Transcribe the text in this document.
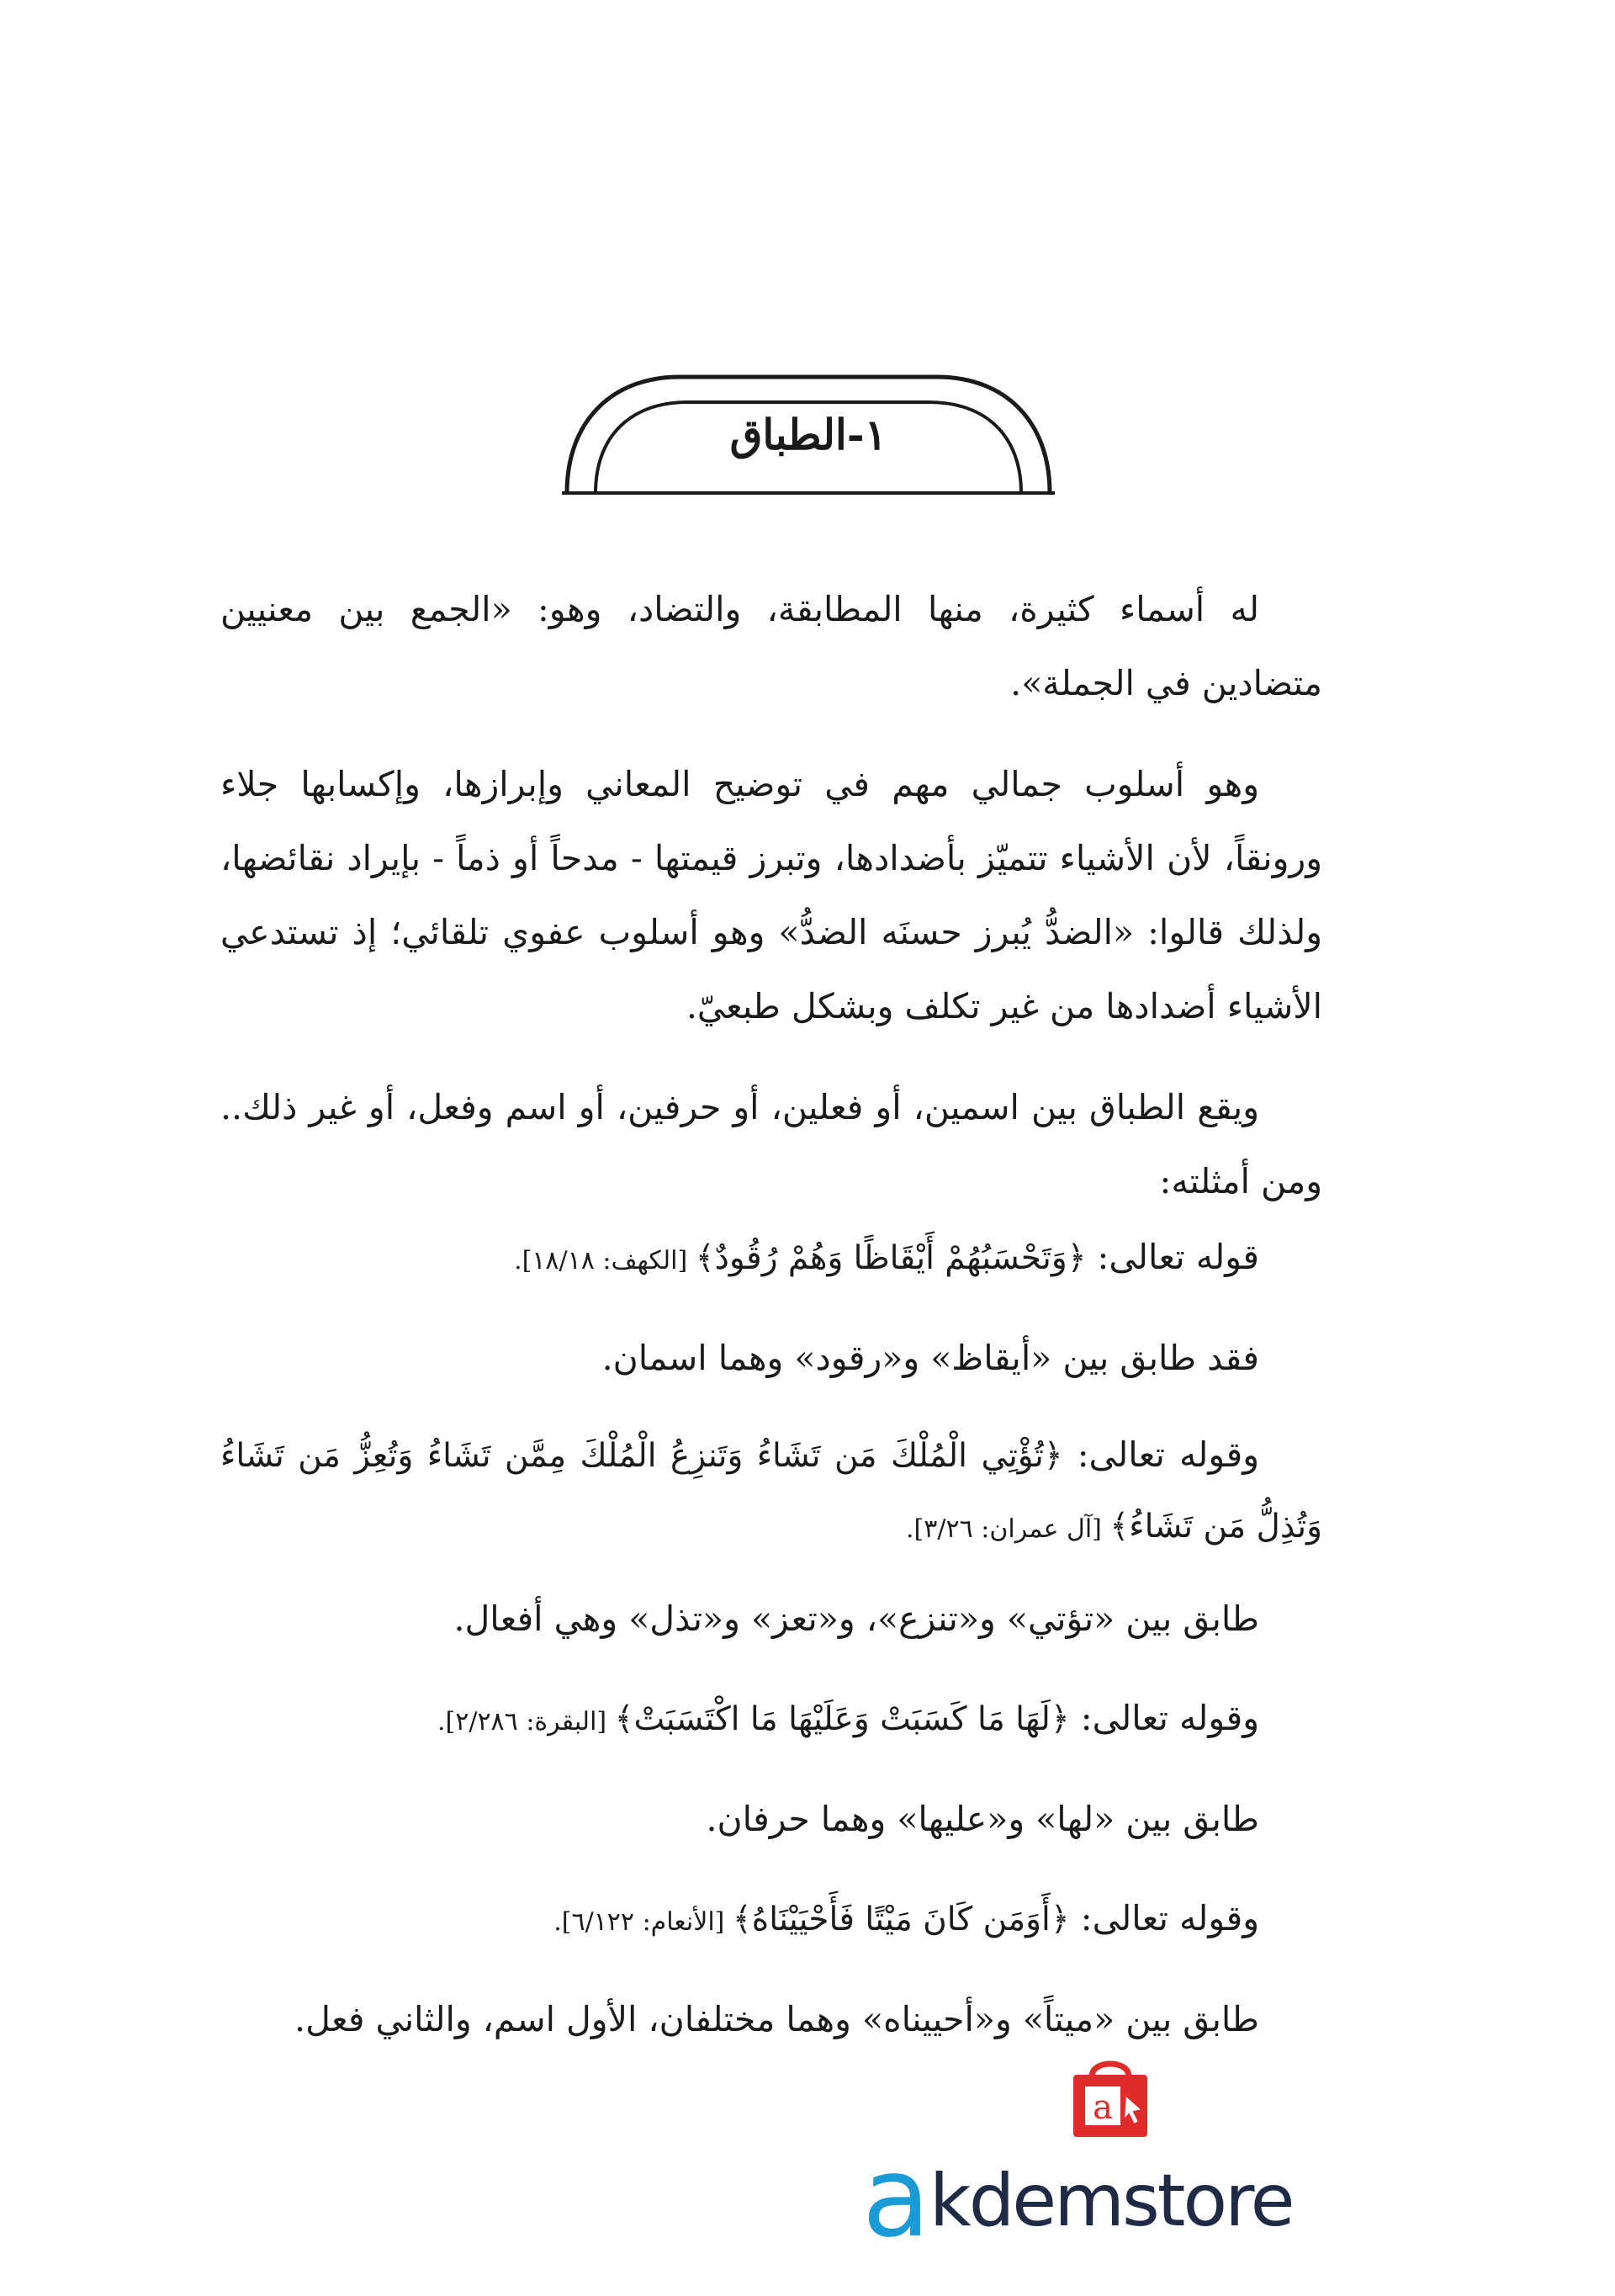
١-الطباق

له أسماء كثيرة، منها المطابقة، والتضاد، وهو: «الجمع بين معنيين متضادين في الجملة».

وهو أسلوب جمالي مهم في توضيح المعاني وإبرازها، وإكسابها جلاء ورونقاً، لأن الأشياء تتميّز بأضدادها، وتبرز قيمتها - مدحاً أو ذماً - بإيراد نقائضها، ولذلك قالوا: «الضدُّ يُبرز حسنَه الضدُّ» وهو أسلوب عفوي تلقائي؛ إذ تستدعي الأشياء أضدادها من غير تكلف وبشكل طبعيّ.

ويقع الطباق بين اسمين، أو فعلين، أو حرفين، أو اسم وفعل، أو غير ذلك.. ومن أمثلته:

قوله تعالى: ﴿وَتَحْسَبُهُمْ أَيْقَاظًا وَهُمْ رُقُودٌ﴾ [الكهف: ١٨/١٨].
فقد طابق بين «أيقاظ» و«رقود» وهما اسمان.

وقوله تعالى: ﴿تُؤْتِي الْمُلْكَ مَن تَشَاءُ وَتَنزِعُ الْمُلْكَ مِمَّن تَشَاءُ وَتُعِزُّ مَن تَشَاءُ وَتُذِلُّ مَن تَشَاءُ﴾ [آل عمران: ٣/٢٦].

طابق بين «تؤتي» و«تنزع»، و«تعز» و«تذل» وهي أفعال.
وقوله تعالى: ﴿لَهَا مَا كَسَبَتْ وَعَلَيْهَا مَا اكْتَسَبَتْ﴾ [البقرة: ٢/٢٨٦].
طابق بين «لها» و«عليها» وهما حرفان.
وقوله تعالى: ﴿أَوَمَن كَانَ مَيْتًا فَأَحْيَيْنَاهُ﴾ [الأنعام: ٦/١٢٢].
طابق بين «ميتاً» و«أحييناه» وهما مختلفان، الأول اسم، والثاني فعل.
a
a kdemstore
